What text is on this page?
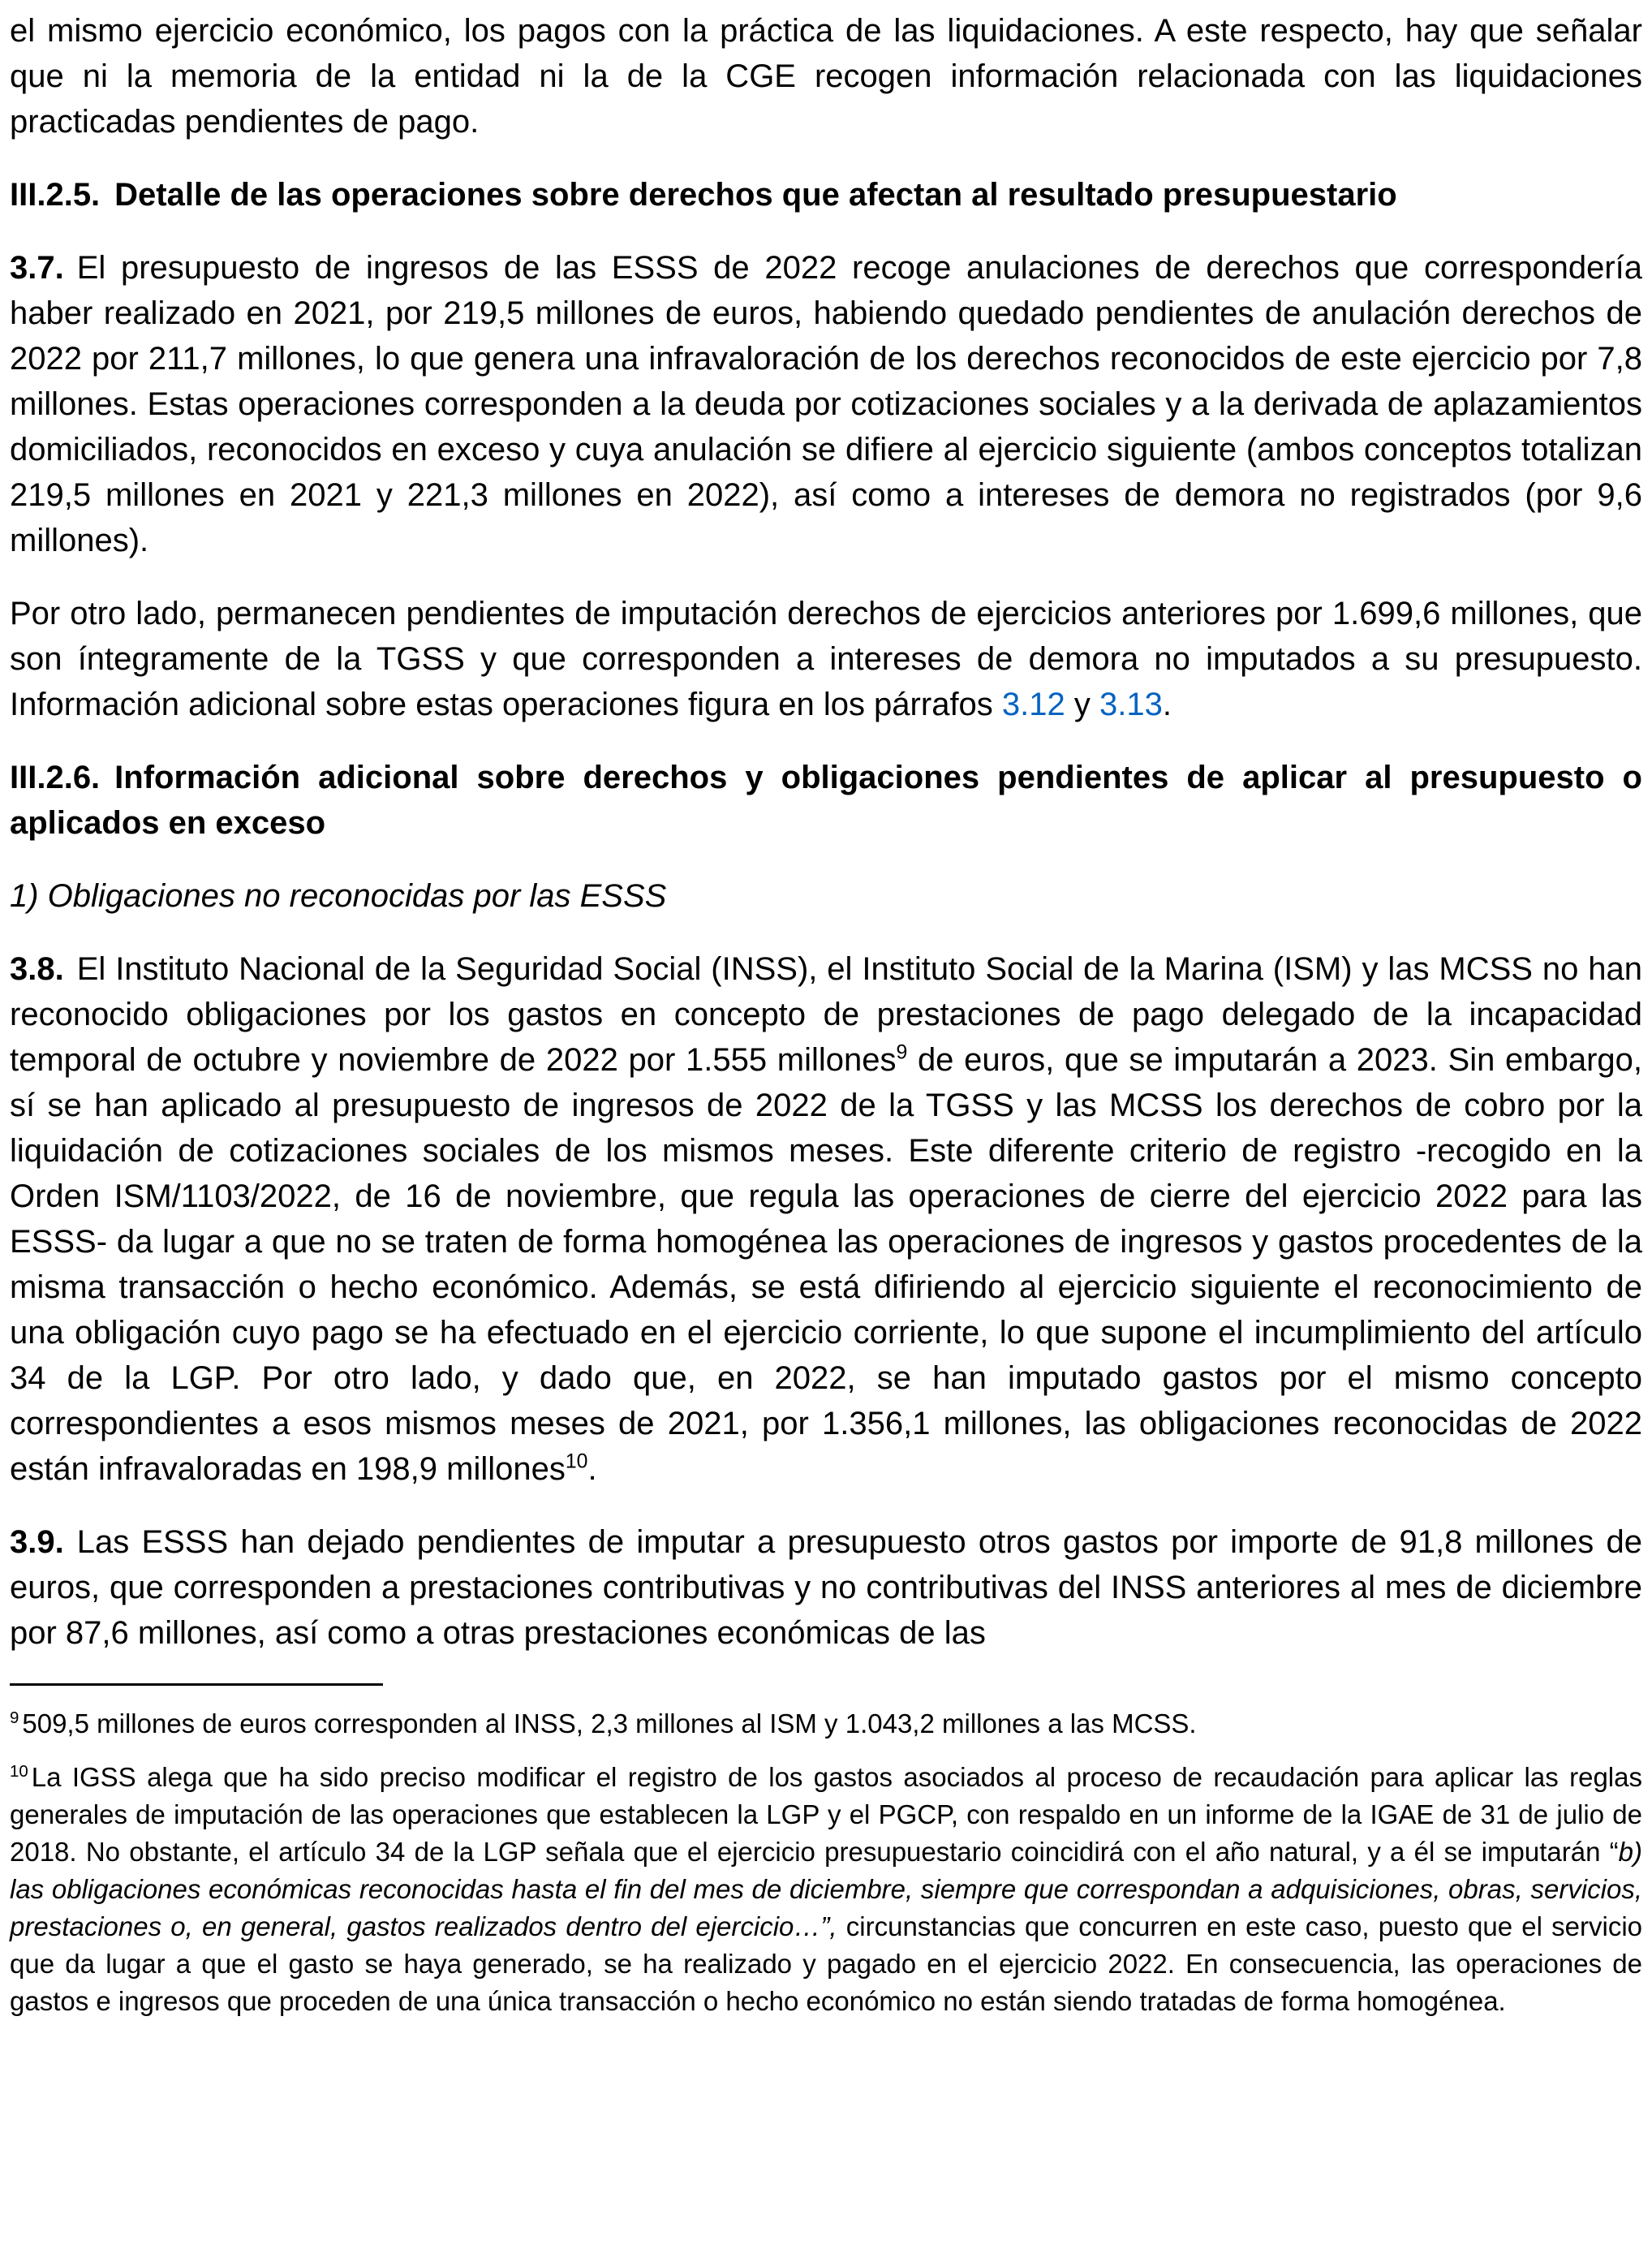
el mismo ejercicio económico, los pagos con la práctica de las liquidaciones. A este respecto, hay que señalar que ni la memoria de la entidad ni la de la CGE recogen información relacionada con las liquidaciones practicadas pendientes de pago.

III.2.5. Detalle de las operaciones sobre derechos que afectan al resultado presupuestario

3.7. El presupuesto de ingresos de las ESSS de 2022 recoge anulaciones de derechos que correspondería haber realizado en 2021, por 219,5 millones de euros, habiendo quedado pendientes de anulación derechos de 2022 por 211,7 millones, lo que genera una infravaloración de los derechos reconocidos de este ejercicio por 7,8 millones. Estas operaciones corresponden a la deuda por cotizaciones sociales y a la derivada de aplazamientos domiciliados, reconocidos en exceso y cuya anulación se difiere al ejercicio siguiente (ambos conceptos totalizan 219,5 millones en 2021 y 221,3 millones en 2022), así como a intereses de demora no registrados (por 9,6 millones).

Por otro lado, permanecen pendientes de imputación derechos de ejercicios anteriores por 1.699,6 millones, que son íntegramente de la TGSS y que corresponden a intereses de demora no imputados a su presupuesto. Información adicional sobre estas operaciones figura en los párrafos 3.12 y 3.13.

III.2.6. Información adicional sobre derechos y obligaciones pendientes de aplicar al presupuesto o aplicados en exceso

1) Obligaciones no reconocidas por las ESSS

3.8. El Instituto Nacional de la Seguridad Social (INSS), el Instituto Social de la Marina (ISM) y las MCSS no han reconocido obligaciones por los gastos en concepto de prestaciones de pago delegado de la incapacidad temporal de octubre y noviembre de 2022 por 1.555 millones$^9$ de euros, que se imputarán a 2023. Sin embargo, sí se han aplicado al presupuesto de ingresos de 2022 de la TGSS y las MCSS los derechos de cobro por la liquidación de cotizaciones sociales de los mismos meses. Este diferente criterio de registro -recogido en la Orden ISM/1103/2022, de 16 de noviembre, que regula las operaciones de cierre del ejercicio 2022 para las ESSS- da lugar a que no se traten de forma homogénea las operaciones de ingresos y gastos procedentes de la misma transacción o hecho económico. Además, se está difiriendo al ejercicio siguiente el reconocimiento de una obligación cuyo pago se ha efectuado en el ejercicio corriente, lo que supone el incumplimiento del artículo 34 de la LGP. Por otro lado, y dado que, en 2022, se han imputado gastos por el mismo concepto correspondientes a esos mismos meses de 2021, por 1.356,1 millones, las obligaciones reconocidas de 2022 están infravaloradas en 198,9 millones$^{10}$.

3.9. Las ESSS han dejado pendientes de imputar a presupuesto otros gastos por importe de 91,8 millones de euros, que corresponden a prestaciones contributivas y no contributivas del INSS anteriores al mes de diciembre por 87,6 millones, así como a otras prestaciones económicas de las

$^9$ 509,5 millones de euros corresponden al INSS, 2,3 millones al ISM y 1.043,2 millones a las MCSS.

$^{10}$ La IGSS alega que ha sido preciso modificar el registro de los gastos asociados al proceso de recaudación para aplicar las reglas generales de imputación de las operaciones que establecen la LGP y el PGCP, con respaldo en un informe de la IGAE de 31 de julio de 2018. No obstante, el artículo 34 de la LGP señala que el ejercicio presupuestario coincidirá con el año natural, y a él se imputarán “b) las obligaciones económicas reconocidas hasta el fin del mes de diciembre, siempre que correspondan a adquisiciones, obras, servicios, prestaciones o, en general, gastos realizados dentro del ejercicio…”, circunstancias que concurren en este caso, puesto que el servicio que da lugar a que el gasto se haya generado, se ha realizado y pagado en el ejercicio 2022. En consecuencia, las operaciones de gastos e ingresos que proceden de una única transacción o hecho económico no están siendo tratadas de forma homogénea.
